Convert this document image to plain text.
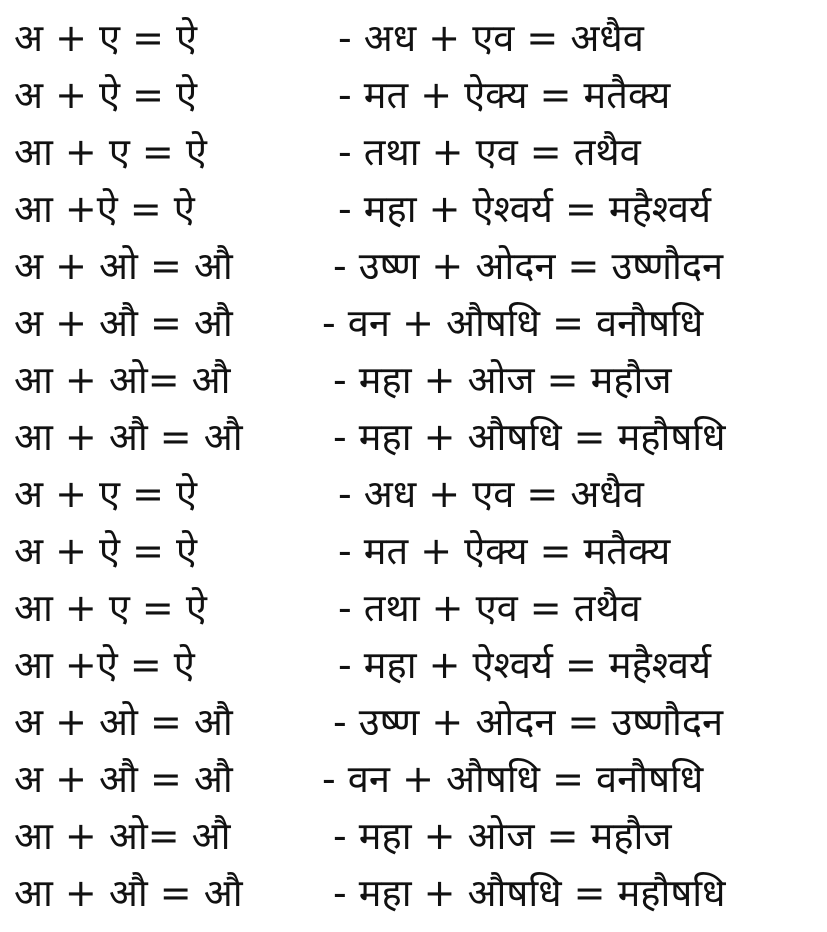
अ + ए = ऐ	- अध + एव = अधैव
अ + ऐ = ऐ	- मत + ऐक्य = मतैक्य
आ + ए = ऐ	- तथा + एव = तथैव
आ +ऐ = ऐ	- महा + ऐश्वर्य = महैश्वर्य
अ + ओ = औ	- उष्ण + ओदन = उष्णौदन
अ + औ = औ - वन + औषधि = वनौषधि
आ + ओ= औ	- महा + ओज = महौज
आ + औ = औ - महा + औषधि = महौषधि
अ + ए = ऐ	- अध + एव = अधैव
अ + ऐ = ऐ	- मत + ऐक्य = मतैक्य
आ + ए = ऐ	- तथा + एव = तथैव
आ +ऐ = ऐ	- महा + ऐश्वर्य = महैश्वर्य
अ + ओ = औ	- उष्ण + ओदन = उष्णौदन
अ + औ = औ - वन + औषधि = वनौषधि
आ + ओ= औ	- महा + ओज = महौज
आ + औ = औ - महा + औषधि = महौषधि
